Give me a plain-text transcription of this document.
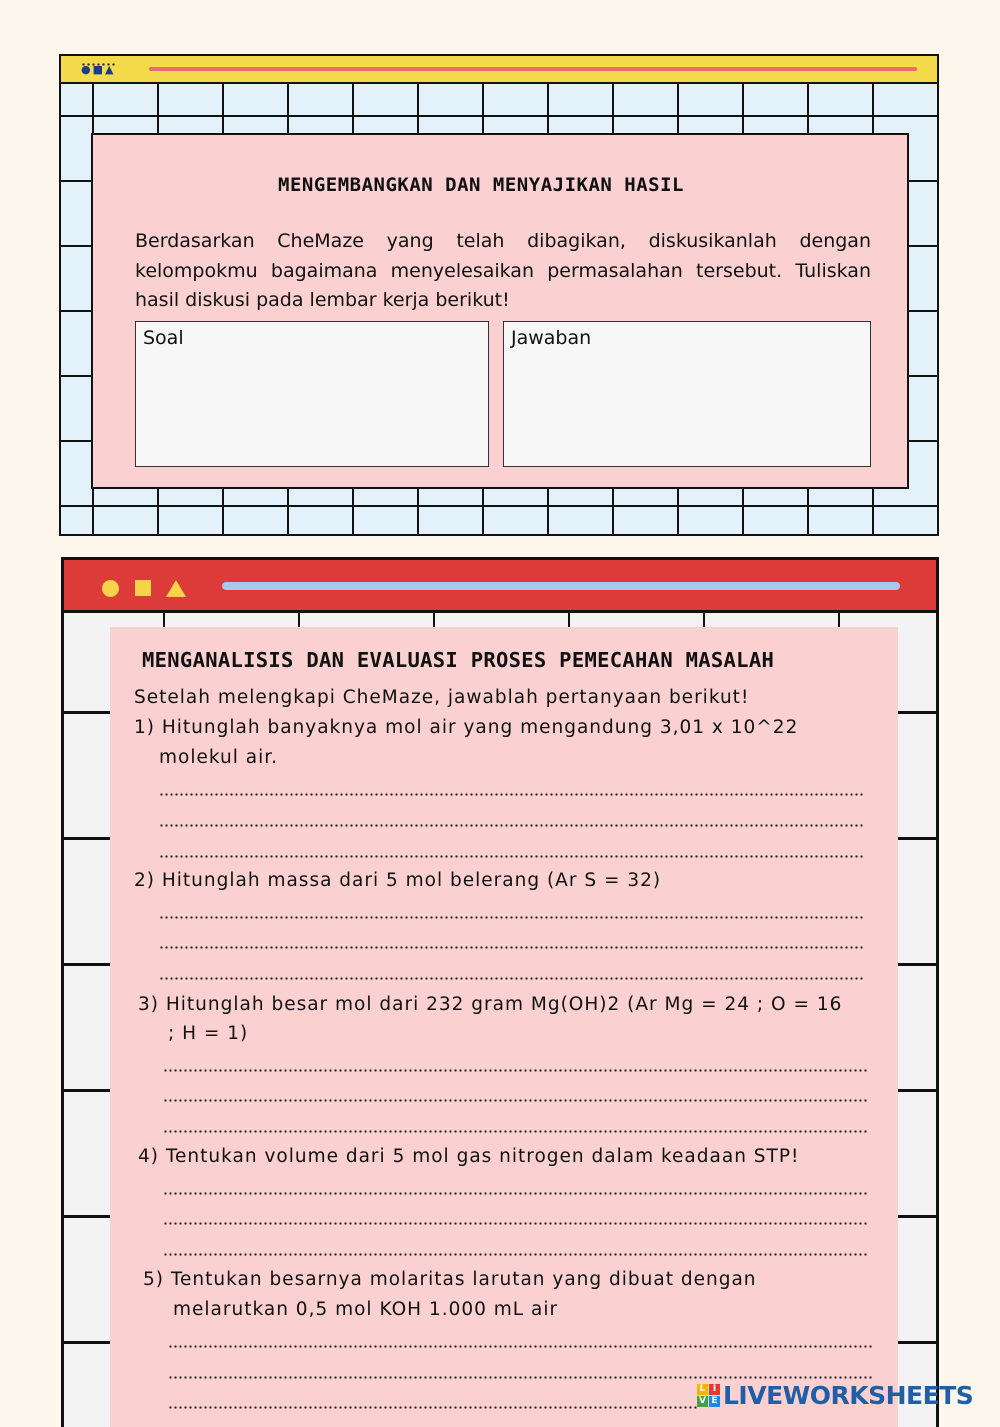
●■▲
Berdasarkan CheMaze yang telah dibagikan, diskusikanlah dengan kelompokmu bagaimana menyelesaikan permasalahan tersebut. Tuliskan hasil diskusi pada lembar kerja berikut!
Soal	Jawaban
MENGEMBANGKAN DAN MENYAJIKAN HASIL
MENGANALISIS DAN EVALUASI PROSES PEMECAHAN MASALAH
Setelah melengkapi CheMaze, jawablah pertanyaan berikut!
1) Hitunglah banyaknya mol air yang mengandung 3,01 x 10^22
molekul air.
2) Hitunglah massa dari 5 mol belerang (Ar S = 32)
3) Hitunglah besar mol dari 232 gram Mg(OH)2 (Ar Mg = 24 ; O = 16
; H = 1)
4) Tentukan volume dari 5 mol gas nitrogen dalam keadaan STP!
5) Tentukan besarnya molaritas larutan yang dibuat dengan
melarutkan 0,5 mol KOH 1.000 mL air
L I
V E LIVEWORKSHEETS
